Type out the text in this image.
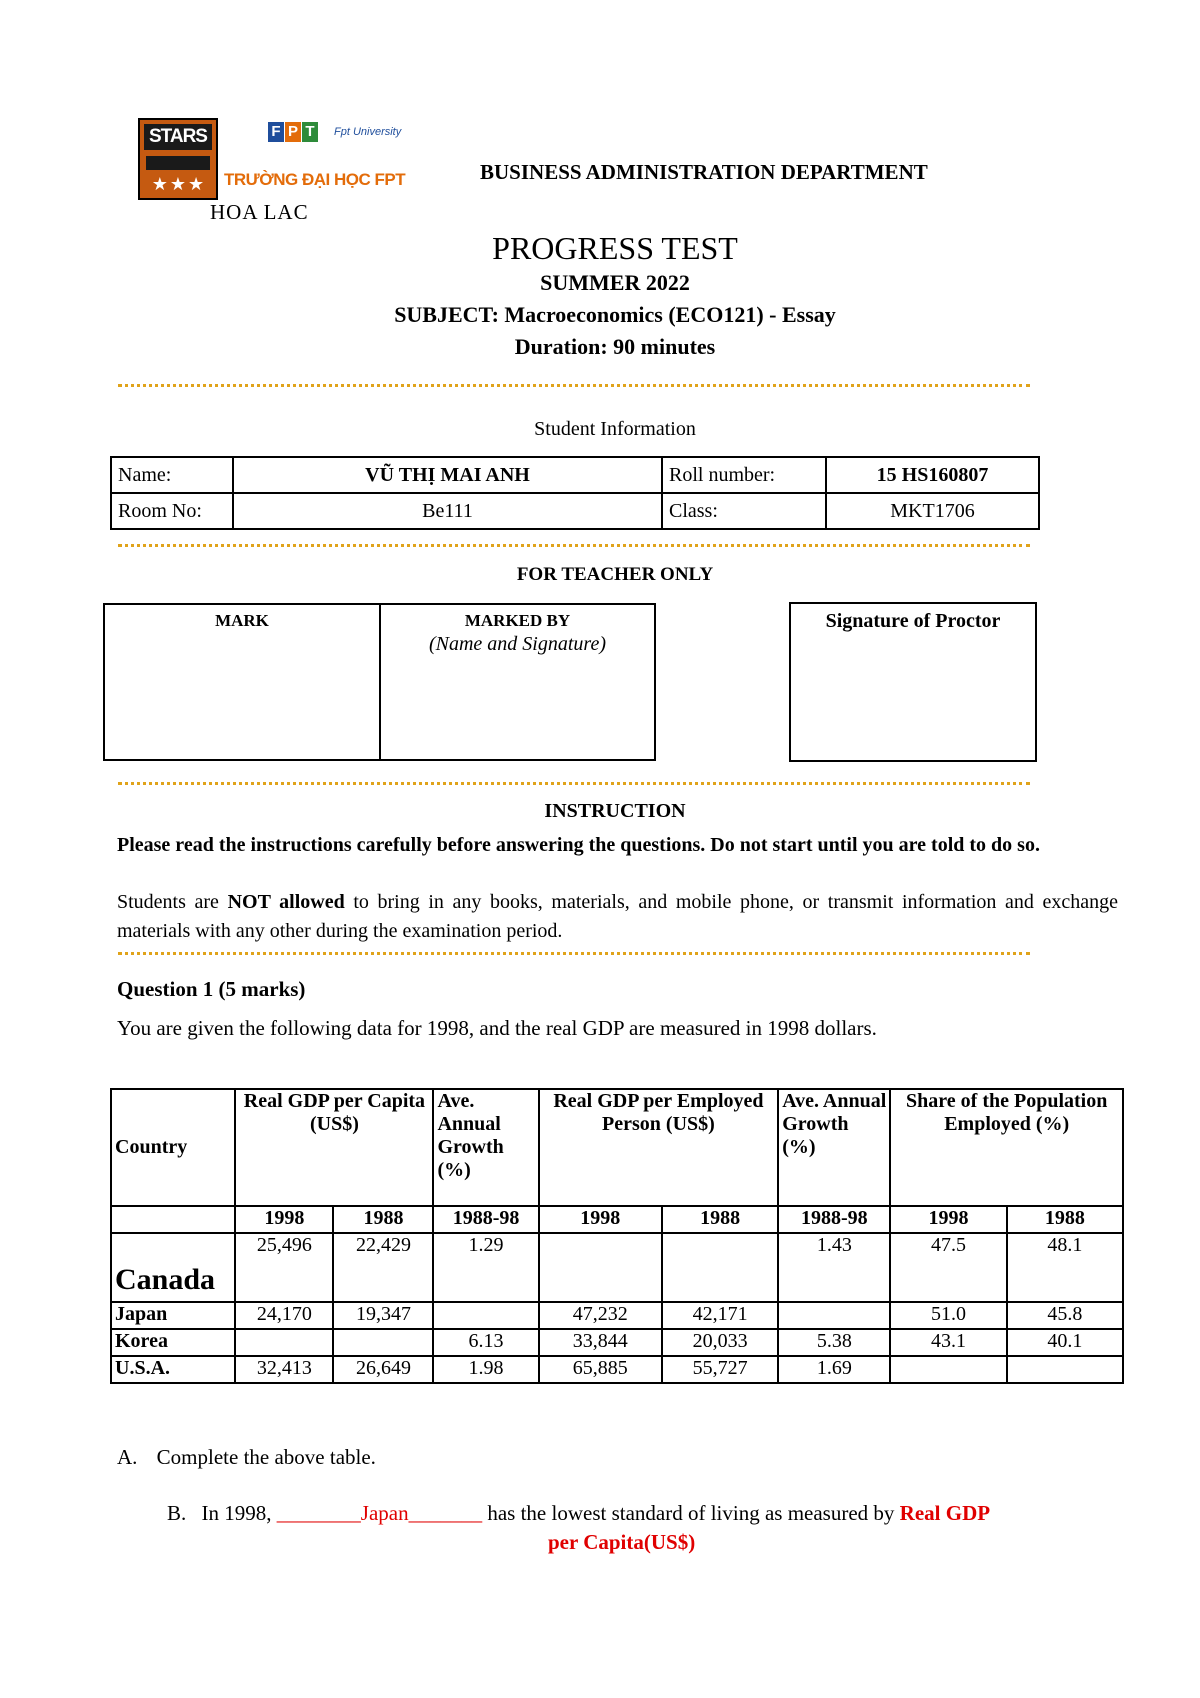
STARS
★★★
F P T	Fpt University
TRƯỜNG ĐẠI HỌC FPT
HOA LAC
BUSINESS ADMINISTRATION DEPARTMENT
PROGRESS TEST
SUMMER 2022
SUBJECT: Macroeconomics (ECO121) - Essay
Duration: 90 minutes
Student Information
Name:	VŨ THỊ MAI ANH	Roll number:	15 HS160807
Room No:	Be111	Class:	MKT1706
FOR TEACHER ONLY
MARK	MARKED BY
(Name and Signature)
Signature of Proctor
INSTRUCTION
Please read the instructions carefully before answering the questions. Do not start until you are told to do so.
Students are NOT allowed to bring in any books, materials, and mobile phone, or transmit information and exchange materials with any other during the examination period.
Question 1 (5 marks)
You are given the following data for 1998, and the real GDP are measured in 1998 dollars.
Country	Real GDP per Capita (US$)		Ave. Annual Growth (%)	Real GDP per Employed Person (US$)		Ave. Annual Growth (%)	Share of the Population Employed (%)	
	1998	1988	1988-98	1998	1988	1988-98	1998	1988
Canada	25,496	22,429	1.29			1.43	47.5	48.1
Japan	24,170	19,347		47,232	42,171		51.0	45.8
Korea			6.13	33,844	20,033	5.38	43.1	40.1
U.S.A.	32,413	26,649	1.98	65,885	55,727	1.69		
A. Complete the above table.
B. In 1998, ________Japan_______ has the lowest standard of living as measured by Real GDP
per Capita(US$)
